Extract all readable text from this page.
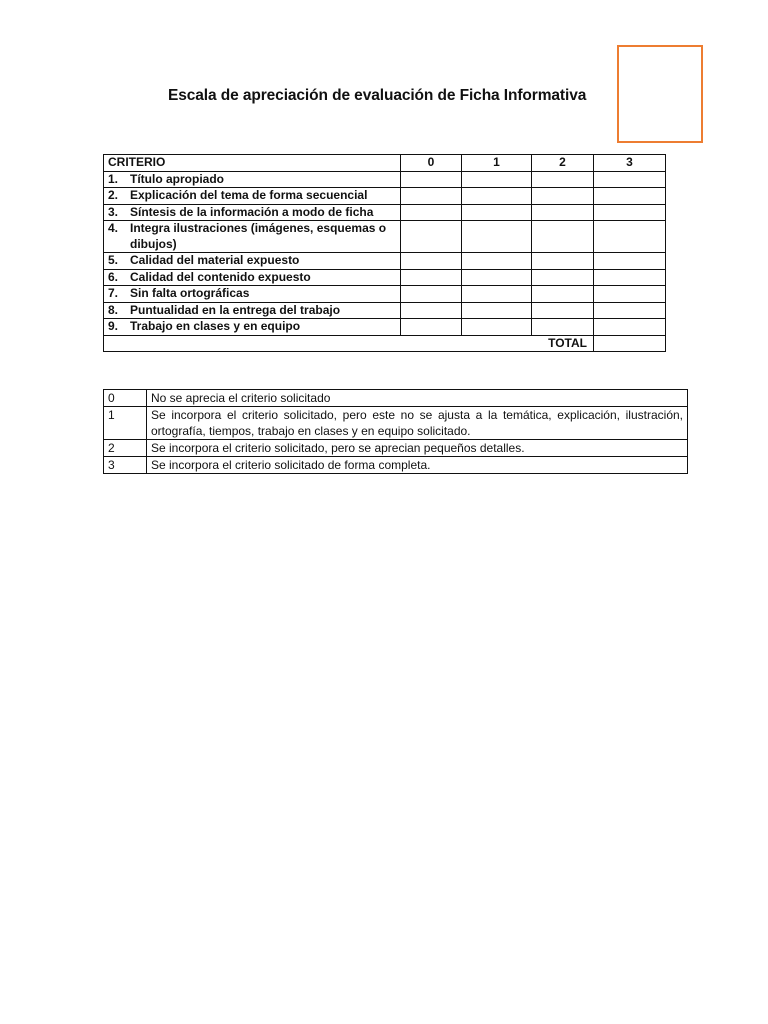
Escala de apreciación de evaluación de Ficha Informativa
CRITERIO	0	1	2	3
1. Título apropiado				
2. Explicación del tema de forma secuencial				
3. Síntesis de la información a modo de ficha				

4. Integra ilustraciones (imágenes, esquemas o dibujos)				

5. Calidad del material expuesto				
6. Calidad del contenido expuesto				
7. Sin falta ortográficas				
8. Puntualidad en la entrega del trabajo				
9. Trabajo en clases y en equipo				
TOTAL				
0	No se aprecia el criterio solicitado
1	Se incorpora el criterio solicitado, pero este no se ajusta a la temática, explicación, ilustración, ortografía, tiempos, trabajo en clases y en equipo solicitado.
2	Se incorpora el criterio solicitado, pero se aprecian pequeños detalles.
3	Se incorpora el criterio solicitado de forma completa.
